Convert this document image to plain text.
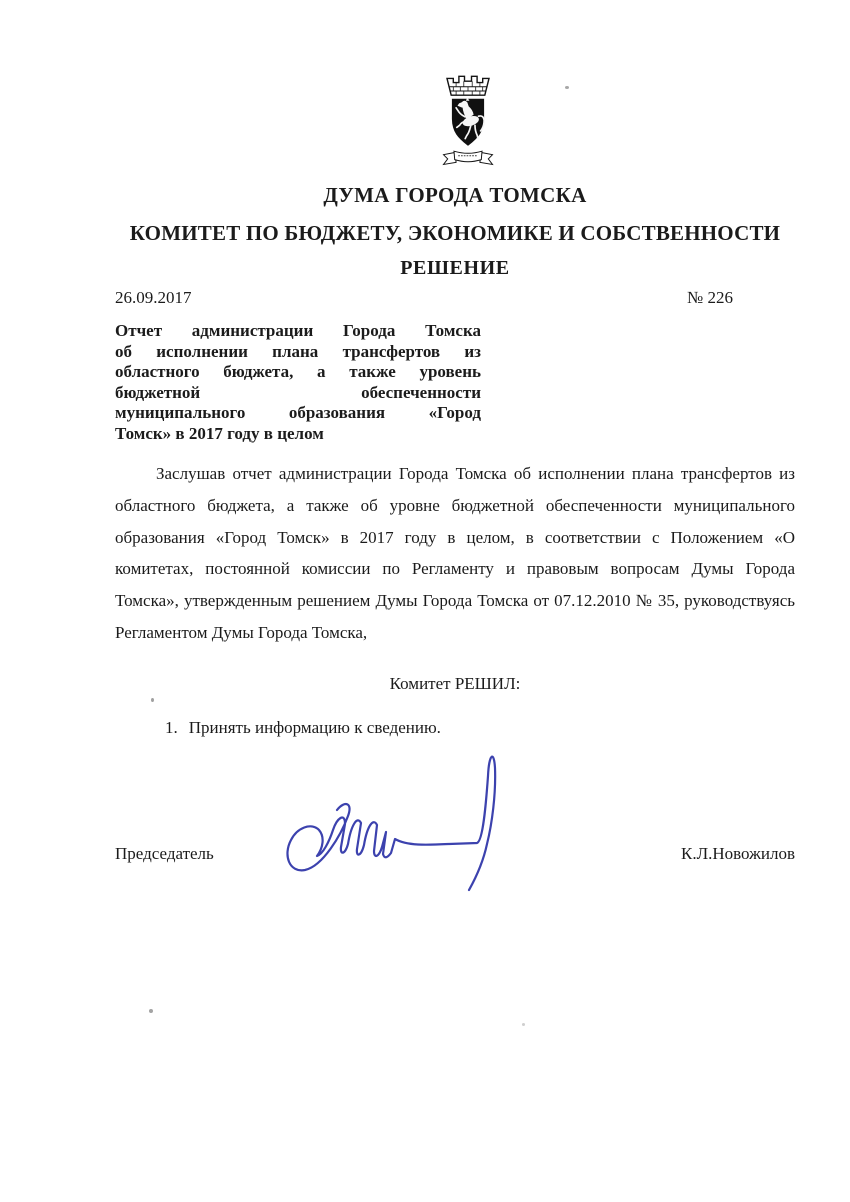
ДУМА ГОРОДА ТОМСКА
КОМИТЕТ ПО БЮДЖЕТУ, ЭКОНОМИКЕ И СОБСТВЕННОСТИ
РЕШЕНИЕ
26.09.2017	№ 226
Отчет администрации Города Томска
об исполнении плана трансфертов из
областного бюджета, а также уровень
бюджетной обеспеченности
муниципального образования «Город
Томск» в 2017 году в целом
Заслушав отчет администрации Города Томска об исполнении плана трансфертов из
областного бюджета, а также об уровне бюджетной обеспеченности муниципального
образования «Город Томск» в 2017 году в целом, в соответствии с Положением «О
комитетах, постоянной комиссии по Регламенту и правовым вопросам Думы Города
Томска», утвержденным решением Думы Города Томска от 07.12.2010 № 35, руководствуясь
Регламентом Думы Города Томска,
Комитет РЕШИЛ:
1. Принять информацию к сведению.
Председатель	К.Л.Новожилов
